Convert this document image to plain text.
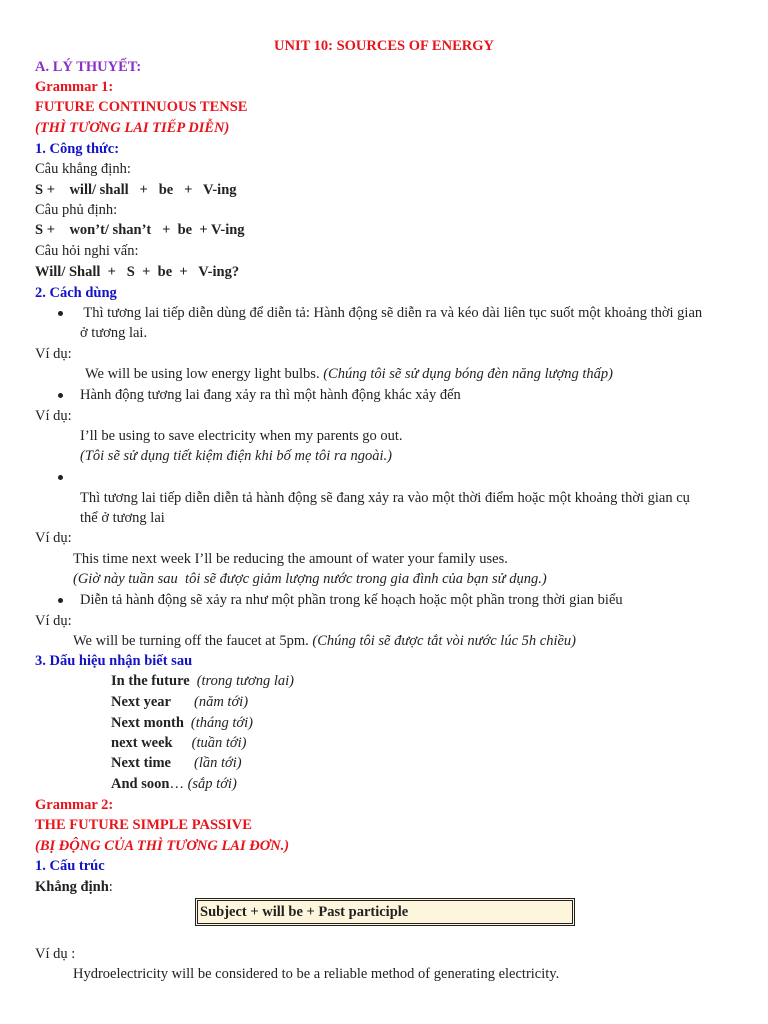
UNIT 10: SOURCES OF ENERGY
A. LÝ THUYẾT:
Grammar 1:
FUTURE CONTINUOUS TENSE
(THÌ TƯƠNG LAI TIẾP DIỄN)
1. Công thức:
Câu khẳng định:
S +    will/ shall   +   be   +   V-ing
Câu phủ định:
S +    won’t/ shan’t   +  be  + V-ing
Câu hỏi nghi vấn:
Will/ Shall  +   S  +  be  +   V-ing?
2. Cách dùng
Thì tương lai tiếp diễn dùng để diễn tả: Hành động sẽ diễn ra và kéo dài liên tục suốt một khoảng thời gian
ở tương lai.
Ví dụ:
We will be using low energy light bulbs. (Chúng tôi sẽ sử dụng bóng đèn năng lượng thấp)
Hành động tương lai đang xảy ra thì một hành động khác xảy đến
Ví dụ:
I’ll be using to save electricity when my parents go out.
(Tôi sẽ sử dụng tiết kiệm điện khi bố mẹ tôi ra ngoài.)
Thì tương lai tiếp diễn diễn tả hành động sẽ đang xảy ra vào một thời điểm hoặc một khoảng thời gian cụ
thể ở tương lai
Ví dụ:
This time next week I’ll be reducing the amount of water your family uses.
(Giờ này tuần sau  tôi sẽ được giảm lượng nước trong gia đình của bạn sử dụng.)
Diễn tả hành động sẽ xảy ra như một phần trong kế hoạch hoặc một phần trong thời gian biểu
Ví dụ:
We will be turning off the faucet at 5pm. (Chúng tôi sẽ được tắt vòi nước lúc 5h chiều)
3. Dấu hiệu nhận biết sau
In the future (trong tương lai)
Next year (năm tới)
Next month (tháng tới)
next week (tuần tới)
Next time (lần tới)
And soon… (sắp tới)
Grammar 2:
THE FUTURE SIMPLE PASSIVE
(BỊ ĐỘNG CỦA THÌ TƯƠNG LAI ĐƠN.)
1. Cấu trúc
Khẳng định:
Subject + will be + Past participle
Ví dụ :
Hydroelectricity will be considered to be a reliable method of generating electricity.
